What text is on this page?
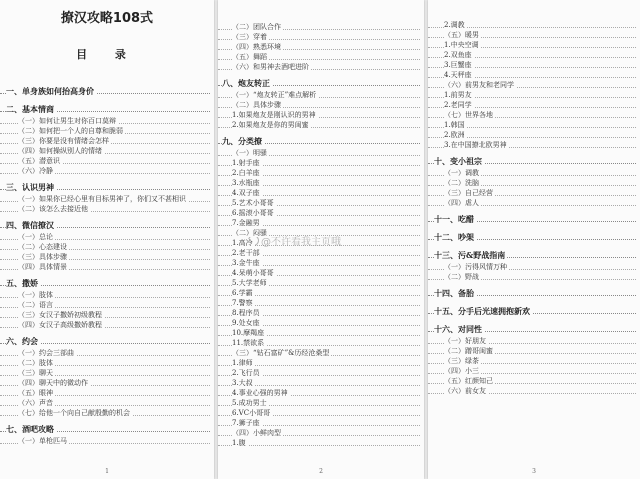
撩汉攻略108式
目 录
一、单身族如何抬高身价
二、基本情商
（一）如何让男生对你百口莫辩
（二）如何把一个人的自尊和脆弱
（三）你要是没有情绪会怎样
（四）如何操纵别人的情绪
（五）潜意识
（六）冷静
三、认识男神
（一）如果你已经心里有目标男神了，你们又不甚相识
（二）该怎么去接近他
四、微信撩汉
（一）总论
（二）心态建设
（三）具体步骤
（四）具体情景
五、撒娇
（一）肢体
（二）语言
（三）女汉子撒娇初级教程
（四）女汉子高级撒娇教程
六、约会
（一）约会三部曲
（二）肢体
（三）聊天
（四）聊天中的微动作
（五）眼神
（六）声音
（七）给他一个向自己献殷勤的机会
七、酒吧攻略
（一）单枪匹马
1
（二）团队合作
（三）穿着
（四）熟悉环境
（五）舞蹈
（六）和男神去酒吧进阶
八、炮友转正
（一）“炮友转正”难点解析
（二）具体步骤
1.如果炮友是刚认识的男神
2.如果炮友是你的男闺蜜
九、分类撩
（一）明骚
1.射手座
2.白羊座
3.水瓶座
4.双子座
5.艺术小哥哥
6.摇滚小哥哥
7.金融男
（二）闷骚
1.高冷
2.老干部
3.金牛座
4.呆萌小哥哥
5.大学老师
6.学霸
7.警察
8.程序员
9.处女座
10.摩羯座
11.禁欲系
（三）“钻石富矿”&历经沧桑型
1.律师
2.飞行员
3.大叔
4.事业心强的男神
5.成功男士
6.VC小哥哥
7.狮子座
（四）小鲜肉型
1.腹
2
2.调教
（五）暖男
1.中央空调
2.双鱼座
3.巨蟹座
4.天秤座
（六）前男友和老同学
1.前男友
2.老同学
（七）世界各地
1.韩国
2.欧洲
3.在中国撩北欧男神
十、变小祖宗
（一）调教
（二）洗脑
（三）自己经营
（四）虐人
十一、吃醋
十二、吵架
十三、污&野战指南
（一）污得风情万种
（二）野战
十四、备胎
十五、分手后光速拥抱新欢
十六、对同性
（一）好朋友
（二）蹭哥闺蜜
（三）绿茶
（四）小三
（五）红颜知己
（六）前女友
3
@不许看我主页哦
